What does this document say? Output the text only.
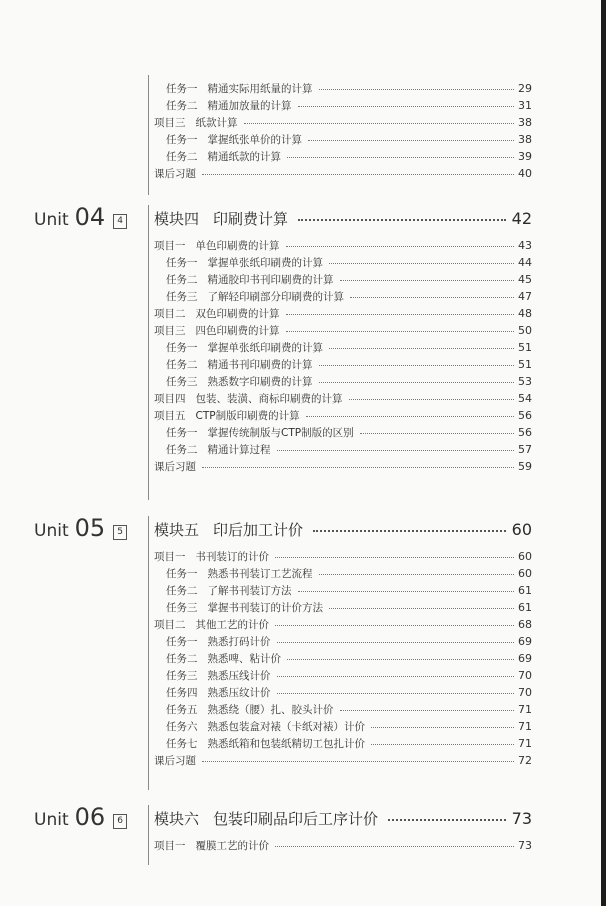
任务一 精通实际用纸量的计算	29
任务二 精通加放量的计算	31
项目三 纸款计算	38
任务一 掌握纸张单价的计算	38
任务二 精通纸款的计算	39
课后习题	40
Unit 04	4 模块四 印刷费计算	42
项目一 单色印刷费的计算	43
任务一 掌握单张纸印刷费的计算	44
任务二 精通胶印书刊印刷费的计算	45
任务三 了解轻印刷部分印刷费的计算	47
项目二 双色印刷费的计算	48
项目三 四色印刷费的计算	50
任务一 掌握单张纸印刷费的计算	51
任务二 精通书刊印刷费的计算	51
任务三 熟悉数字印刷费的计算	53
项目四 包装、装潢、商标印刷费的计算	54
项目五 CTP制版印刷费的计算	56
任务一 掌握传统制版与CTP制版的区别	56
任务二 精通计算过程	57
课后习题	59
Unit 05	5 模块五 印后加工计价	60
项目一 书刊装订的计价	60
任务一 熟悉书刊装订工艺流程	60
任务二 了解书刊装订方法	61
任务三 掌握书刊装订的计价方法	61
项目二 其他工艺的计价	68
任务一 熟悉打码计价	69
任务二 熟悉啤、粘计价	69
任务三 熟悉压线计价	70
任务四 熟悉压纹计价	70
任务五 熟悉绕（腰）扎、胶头计价	71
任务六 熟悉包装盒对裱（卡纸对裱）计价	71
任务七 熟悉纸箱和包装纸精切工包扎计价	71
课后习题	72
Unit 06	6 模块六 包装印刷品印后工序计价	73
项目一 覆膜工艺的计价	73
